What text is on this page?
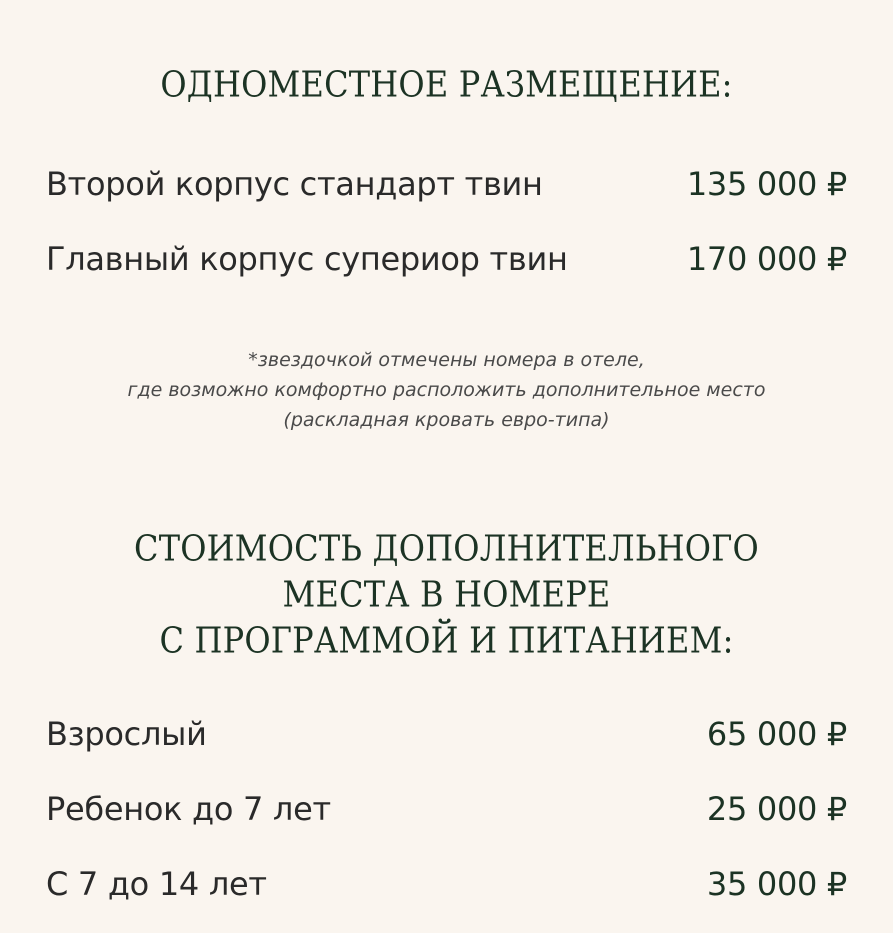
ОДНОМЕСТНОЕ РАЗМЕЩЕНИЕ:
Второй корпус стандарт твин	135 000 ₽
Главный корпус супериор твин	170 000 ₽
*звездочкой отмечены номера в отеле,
где возможно комфортно расположить дополнительное место
(раскладная кровать евро-типа)
СТОИМОСТЬ ДОПОЛНИТЕЛЬНОГО
МЕСТА В НОМЕРЕ
С ПРОГРАММОЙ И ПИТАНИЕМ:
Взрослый	65 000 ₽
Ребенок до 7 лет	25 000 ₽
С 7 до 14 лет	35 000 ₽
